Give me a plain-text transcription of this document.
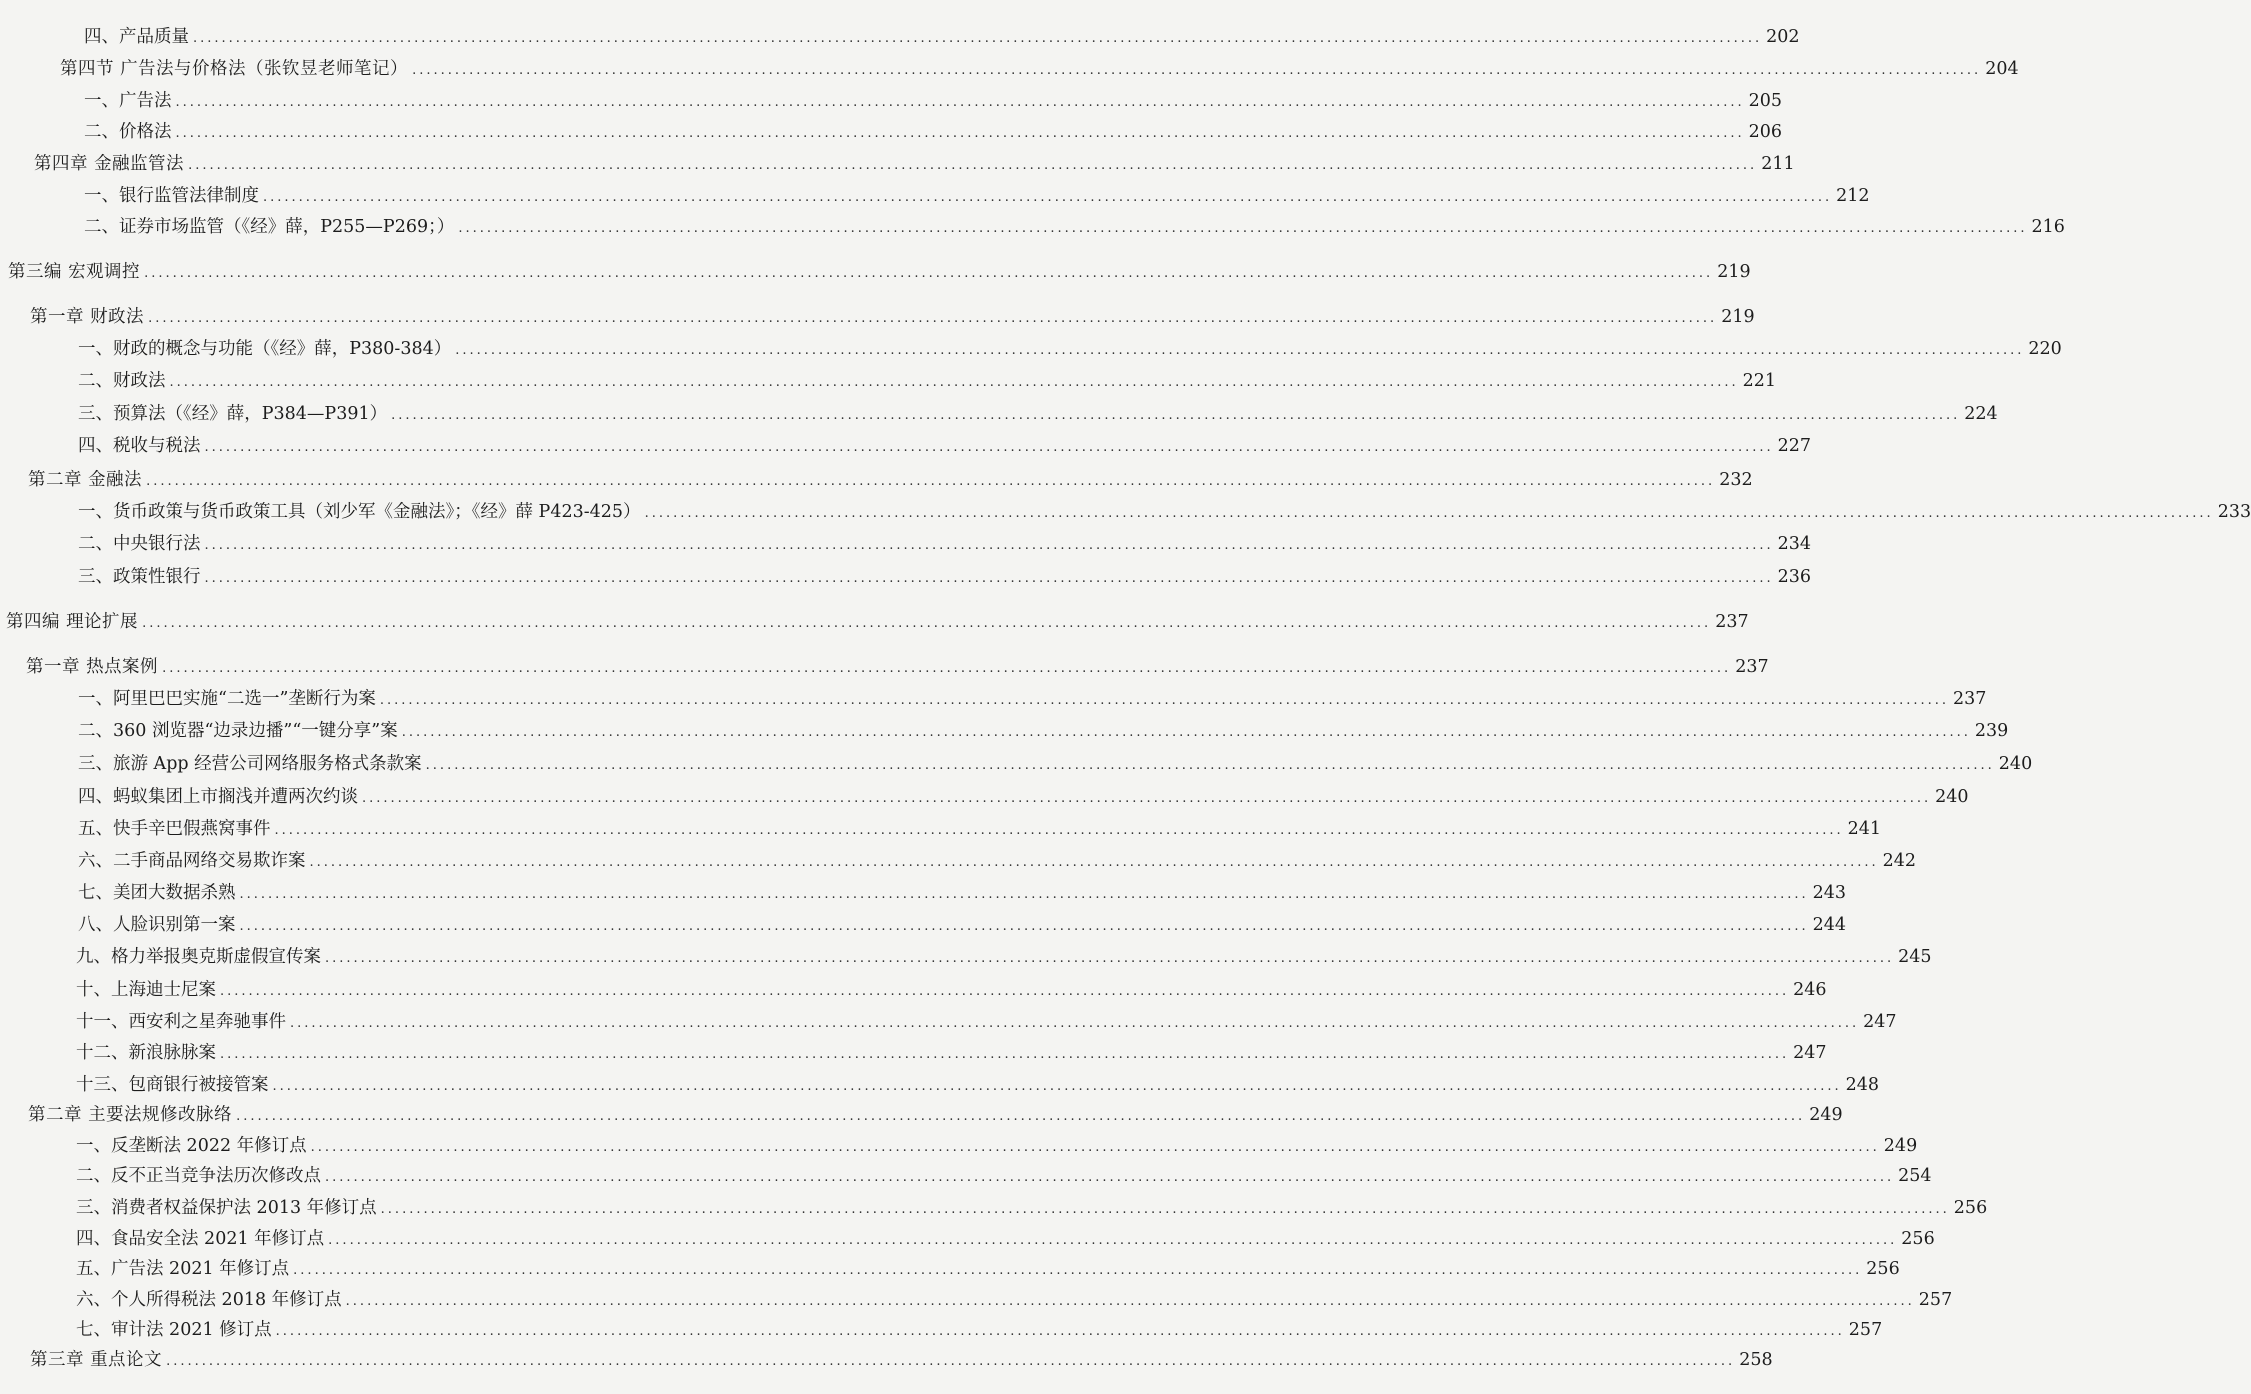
四、产品质量 ............................................................................................................................................................................................................................ 202
第四节 广告法与价格法（张钦昱老师笔记） ............................................................................................................................................................................................................................ 204
一、广告法 ............................................................................................................................................................................................................................ 205
二、价格法 ............................................................................................................................................................................................................................ 206
第四章 金融监管法 ............................................................................................................................................................................................................................ 211
一、银行监管法律制度 ............................................................................................................................................................................................................................ 212
二、证券市场监管（《经》薛，P255—P269；） ............................................................................................................................................................................................................................ 216
第三编 宏观调控 ............................................................................................................................................................................................................................ 219
第一章 财政法 ............................................................................................................................................................................................................................ 219
一、财政的概念与功能（《经》薛，P380-384） ............................................................................................................................................................................................................................ 220
二、财政法 ............................................................................................................................................................................................................................ 221
三、预算法（《经》薛，P384—P391） ............................................................................................................................................................................................................................ 224
四、税收与税法 ............................................................................................................................................................................................................................ 227
第二章 金融法 ............................................................................................................................................................................................................................ 232
一、货币政策与货币政策工具（刘少军《金融法》；《经》薛 P423-425） ............................................................................................................................................................................................................................ 233
二、中央银行法 ............................................................................................................................................................................................................................ 234
三、政策性银行 ............................................................................................................................................................................................................................ 236
第四编 理论扩展 ............................................................................................................................................................................................................................ 237
第一章 热点案例 ............................................................................................................................................................................................................................ 237
一、阿里巴巴实施“二选一”垄断行为案 ............................................................................................................................................................................................................................ 237
二、360 浏览器“边录边播”“一键分享”案 ............................................................................................................................................................................................................................ 239
三、旅游 App 经营公司网络服务格式条款案 ............................................................................................................................................................................................................................ 240
四、蚂蚁集团上市搁浅并遭两次约谈 ............................................................................................................................................................................................................................ 240
五、快手辛巴假燕窝事件 ............................................................................................................................................................................................................................ 241
六、二手商品网络交易欺诈案 ............................................................................................................................................................................................................................ 242
七、美团大数据杀熟 ............................................................................................................................................................................................................................ 243
八、人脸识别第一案 ............................................................................................................................................................................................................................ 244
九、格力举报奥克斯虚假宣传案 ............................................................................................................................................................................................................................ 245
十、上海迪士尼案 ............................................................................................................................................................................................................................ 246
十一、西安利之星奔驰事件 ............................................................................................................................................................................................................................ 247
十二、新浪脉脉案 ............................................................................................................................................................................................................................ 247
十三、包商银行被接管案 ............................................................................................................................................................................................................................ 248
第二章 主要法规修改脉络 ............................................................................................................................................................................................................................ 249
一、反垄断法 2022 年修订点 ............................................................................................................................................................................................................................ 249
二、反不正当竞争法历次修改点 ............................................................................................................................................................................................................................ 254
三、消费者权益保护法 2013 年修订点 ............................................................................................................................................................................................................................ 256
四、食品安全法 2021 年修订点 ............................................................................................................................................................................................................................ 256
五、广告法 2021 年修订点 ............................................................................................................................................................................................................................ 256
六、个人所得税法 2018 年修订点 ............................................................................................................................................................................................................................ 257
七、审计法 2021 修订点 ............................................................................................................................................................................................................................ 257
第三章 重点论文 ............................................................................................................................................................................................................................ 258
